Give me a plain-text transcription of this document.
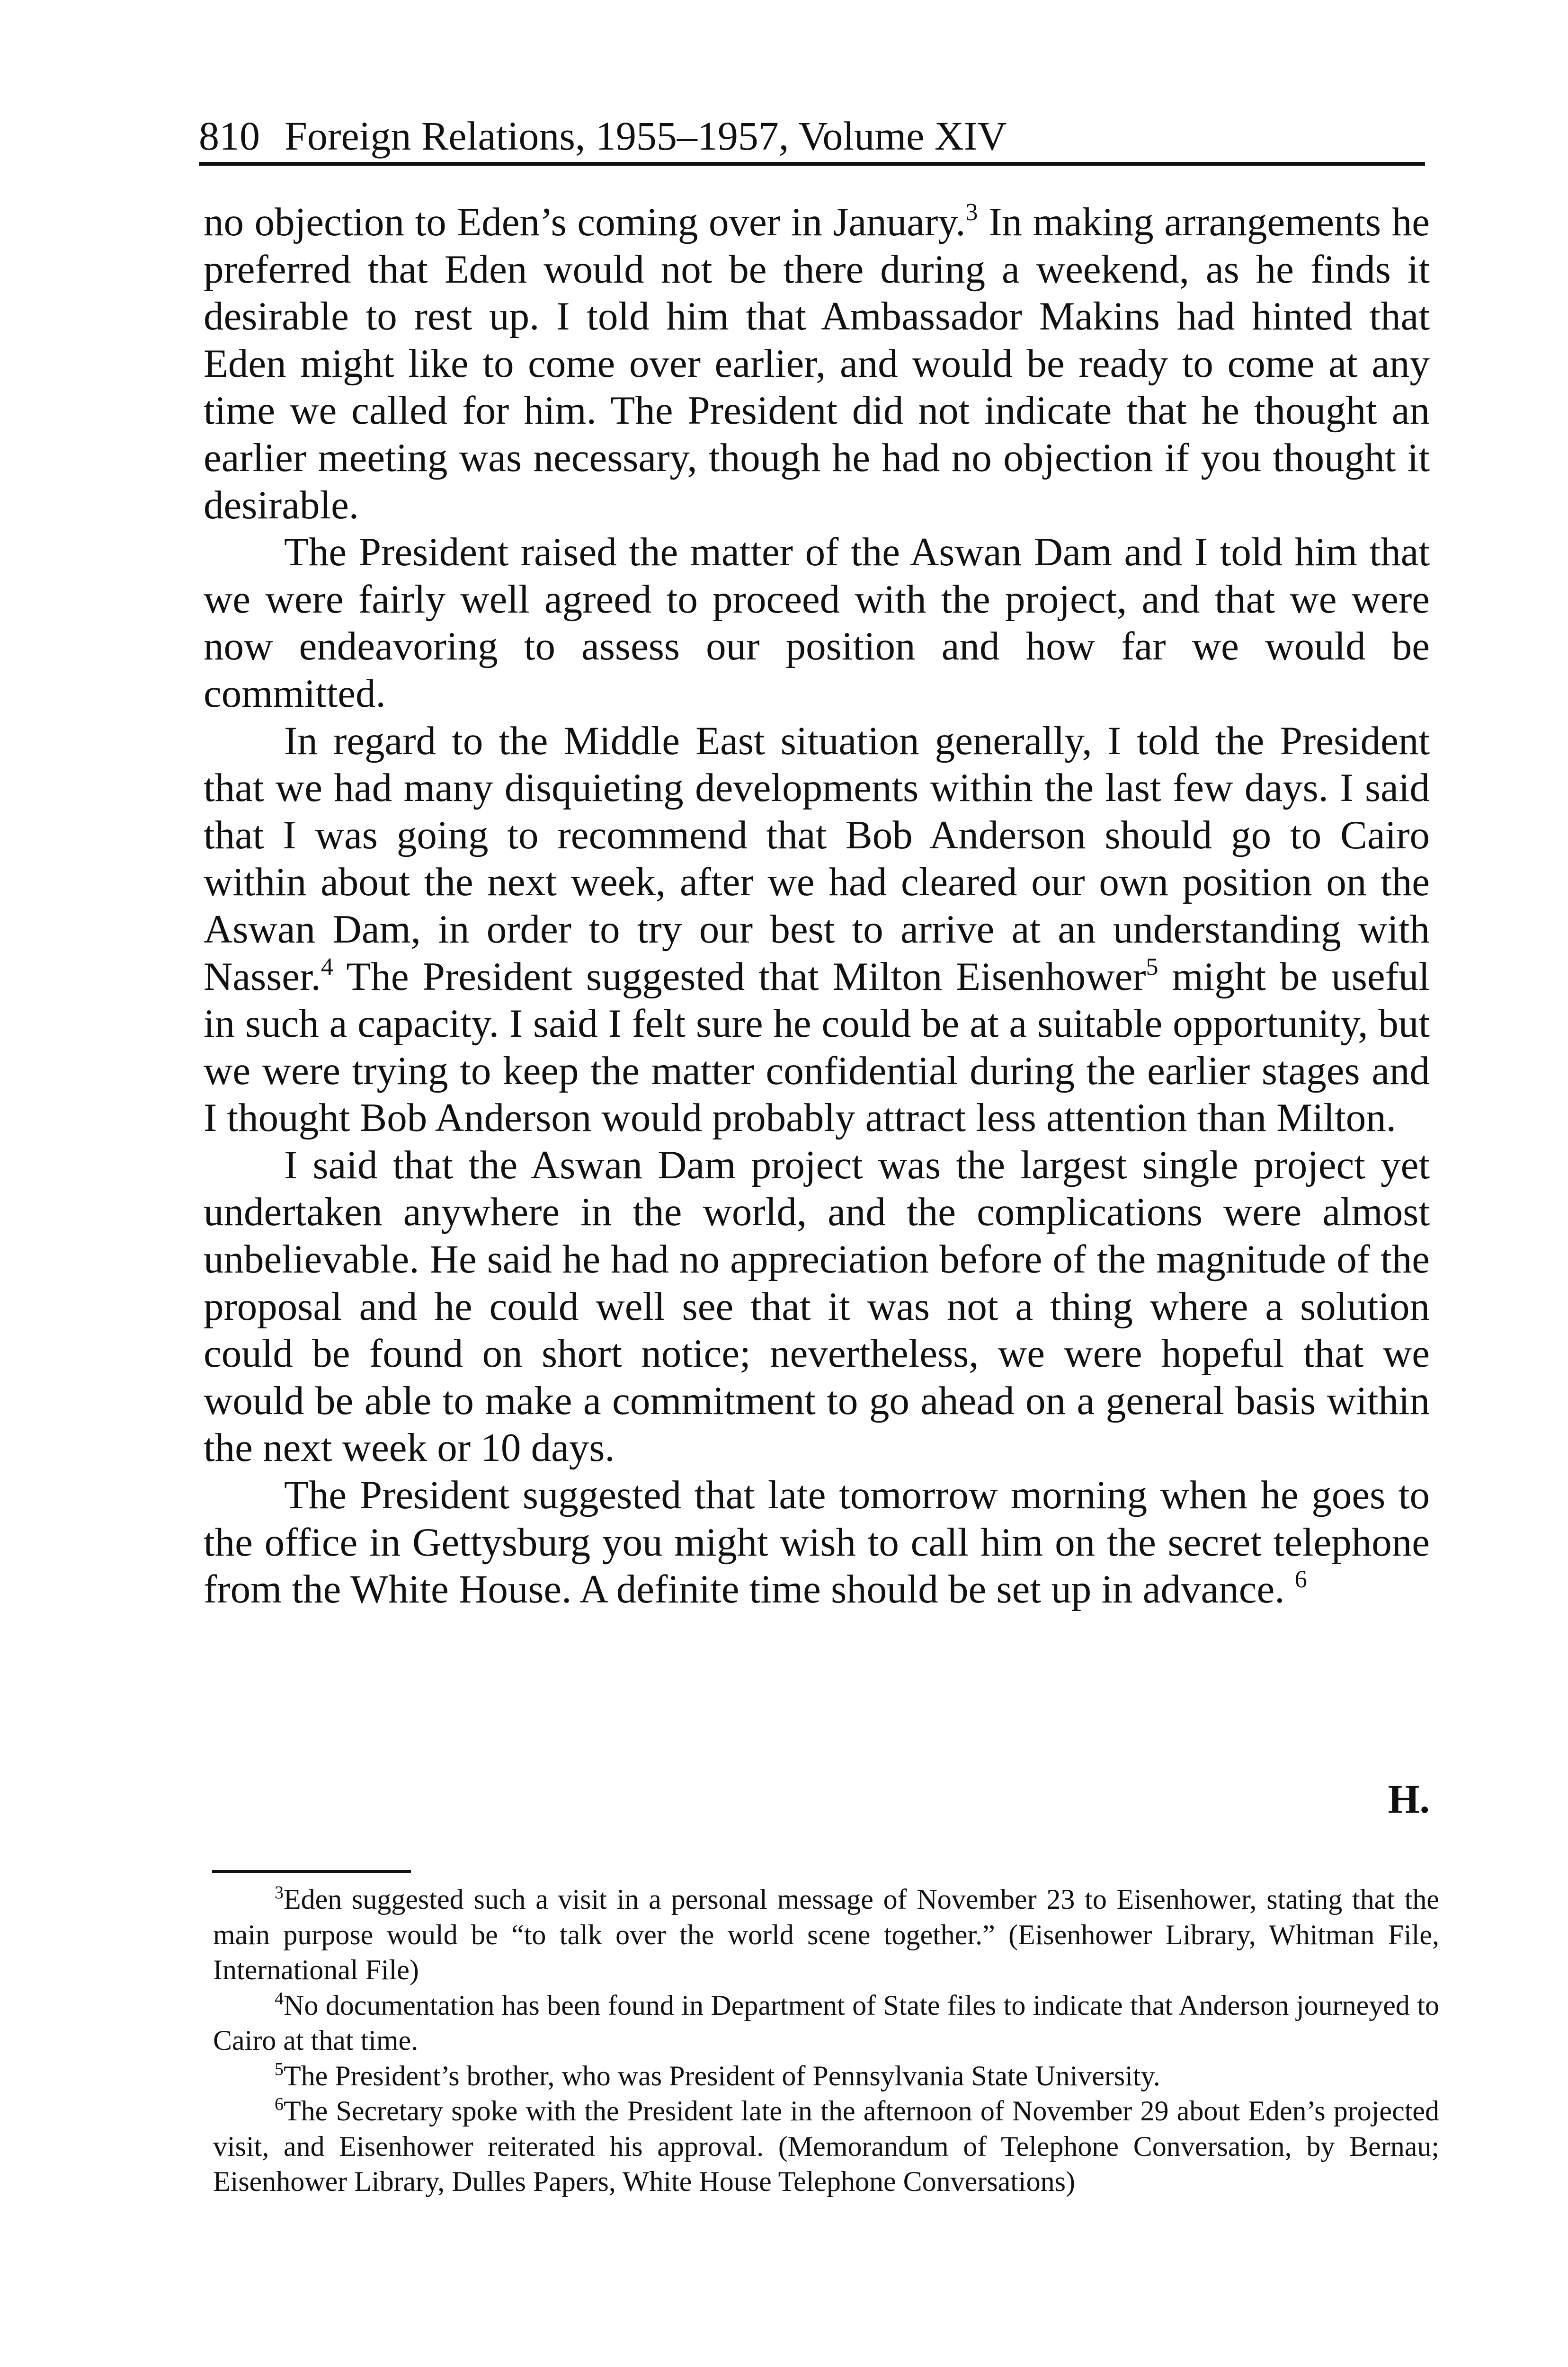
810 Foreign Relations, 1955–1957, Volume XIV

no objection to Eden’s coming over in January.$^3$ In making arrangements he preferred that Eden would not be there during a weekend, as he finds it desirable to rest up. I told him that Ambassador Makins had hinted that Eden might like to come over earlier, and would be ready to come at any time we called for him. The President did not indicate that he thought an earlier meeting was necessary, though he had no objection if you thought it desirable.

The President raised the matter of the Aswan Dam and I told him that we were fairly well agreed to proceed with the project, and that we were now endeavoring to assess our position and how far we would be committed.

In regard to the Middle East situation generally, I told the President that we had many disquieting developments within the last few days. I said that I was going to recommend that Bob Anderson should go to Cairo within about the next week, after we had cleared our own position on the Aswan Dam, in order to try our best to arrive at an understanding with Nasser.$^4$ The President suggested that Milton Eisenhower$^5$ might be useful in such a capacity. I said I felt sure he could be at a suitable opportunity, but we were trying to keep the matter confidential during the earlier stages and I thought Bob Anderson would probably attract less attention than Milton.

I said that the Aswan Dam project was the largest single project yet undertaken anywhere in the world, and the complications were almost unbelievable. He said he had no appreciation before of the magnitude of the proposal and he could well see that it was not a thing where a solution could be found on short notice; nevertheless, we were hopeful that we would be able to make a commitment to go ahead on a general basis within the next week or 10 days.

The President suggested that late tomorrow morning when he goes to the office in Gettysburg you might wish to call him on the secret telephone from the White House. A definite time should be set up in advance. $^6$

H.

$^3$Eden suggested such a visit in a personal message of November 23 to Eisenhower, stating that the main purpose would be “to talk over the world scene together.” (Eisenhower Library, Whitman File, International File)

$^4$No documentation has been found in Department of State files to indicate that Anderson journeyed to Cairo at that time.

$^5$The President’s brother, who was President of Pennsylvania State University.

$^6$The Secretary spoke with the President late in the afternoon of November 29 about Eden’s projected visit, and Eisenhower reiterated his approval. (Memorandum of Telephone Conversation, by Bernau; Eisenhower Library, Dulles Papers, White House Telephone Conversations)
